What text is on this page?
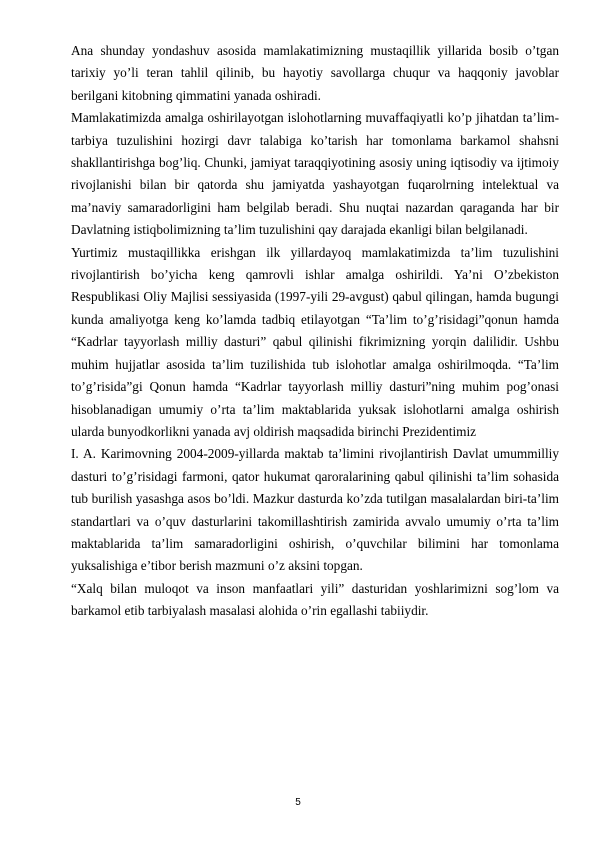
Ana shunday yondashuv asosida mamlakatimizning mustaqillik yillarida bosib o’tgan tarixiy yo’li teran tahlil qilinib, bu hayotiy savollarga chuqur va haqqoniy javoblar berilgani kitobning qimmatini yanada oshiradi.

Mamlakatimizda amalga oshirilayotgan islohotlarning muvaffaqiyatli ko’p jihatdan ta’lim-tarbiya tuzulishini hozirgi davr talabiga ko’tarish har tomonlama barkamol shahsni shakllantirishga bog’liq. Chunki, jamiyat taraqqiyotining asosiy uning iqtisodiy va ijtimoiy rivojlanishi bilan bir qatorda shu jamiyatda yashayotgan fuqarolrning intelektual va ma’naviy samaradorligini ham belgilab beradi. Shu nuqtai nazardan qaraganda har bir Davlatning istiqbolimizning ta’lim tuzulishini qay darajada ekanligi bilan belgilanadi.

Yurtimiz mustaqillikka erishgan ilk yillardayoq mamlakatimizda ta’lim tuzulishini rivojlantirish bo’yicha keng qamrovli ishlar amalga oshirildi. Ya’ni O’zbekiston Respublikasi Oliy Majlisi sessiyasida (1997-yili 29-avgust) qabul qilingan, hamda bugungi kunda amaliyotga keng ko’lamda tadbiq etilayotgan “Ta’lim to’g’risidagi”qonun hamda “Kadrlar tayyorlash milliy dasturi” qabul qilinishi fikrimizning yorqin dalilidir. Ushbu muhim hujjatlar asosida ta’lim tuzilishida tub islohotlar amalga oshirilmoqda. “Ta’lim to’g’risida”gi Qonun hamda “Kadrlar tayyorlash milliy dasturi”ning muhim pog’onasi hisoblanadigan umumiy o’rta ta’lim maktablarida yuksak islohotlarni amalga oshirish ularda bunyodkorlikni yanada avj oldirish maqsadida birinchi Prezidentimiz

I. A. Karimovning 2004-2009-yillarda maktab ta’limini rivojlantirish Davlat umummilliy dasturi to’g’risidagi farmoni, qator hukumat qaroralarining qabul qilinishi ta’lim sohasida tub burilish yasashga asos bo’ldi. Mazkur dasturda ko’zda tutilgan masalalardan biri-ta’lim standartlari va o’quv dasturlarini takomillashtirish zamirida avvalo umumiy o’rta ta’lim maktablarida ta’lim samaradorligini oshirish, o’quvchilar bilimini har tomonlama yuksalishiga e’tibor berish mazmuni o’z aksini topgan.

“Xalq bilan muloqot va inson manfaatlari yili” dasturidan yoshlarimizni sog’lom va barkamol etib tarbiyalash masalasi alohida o’rin egallashi tabiiydir.

5
